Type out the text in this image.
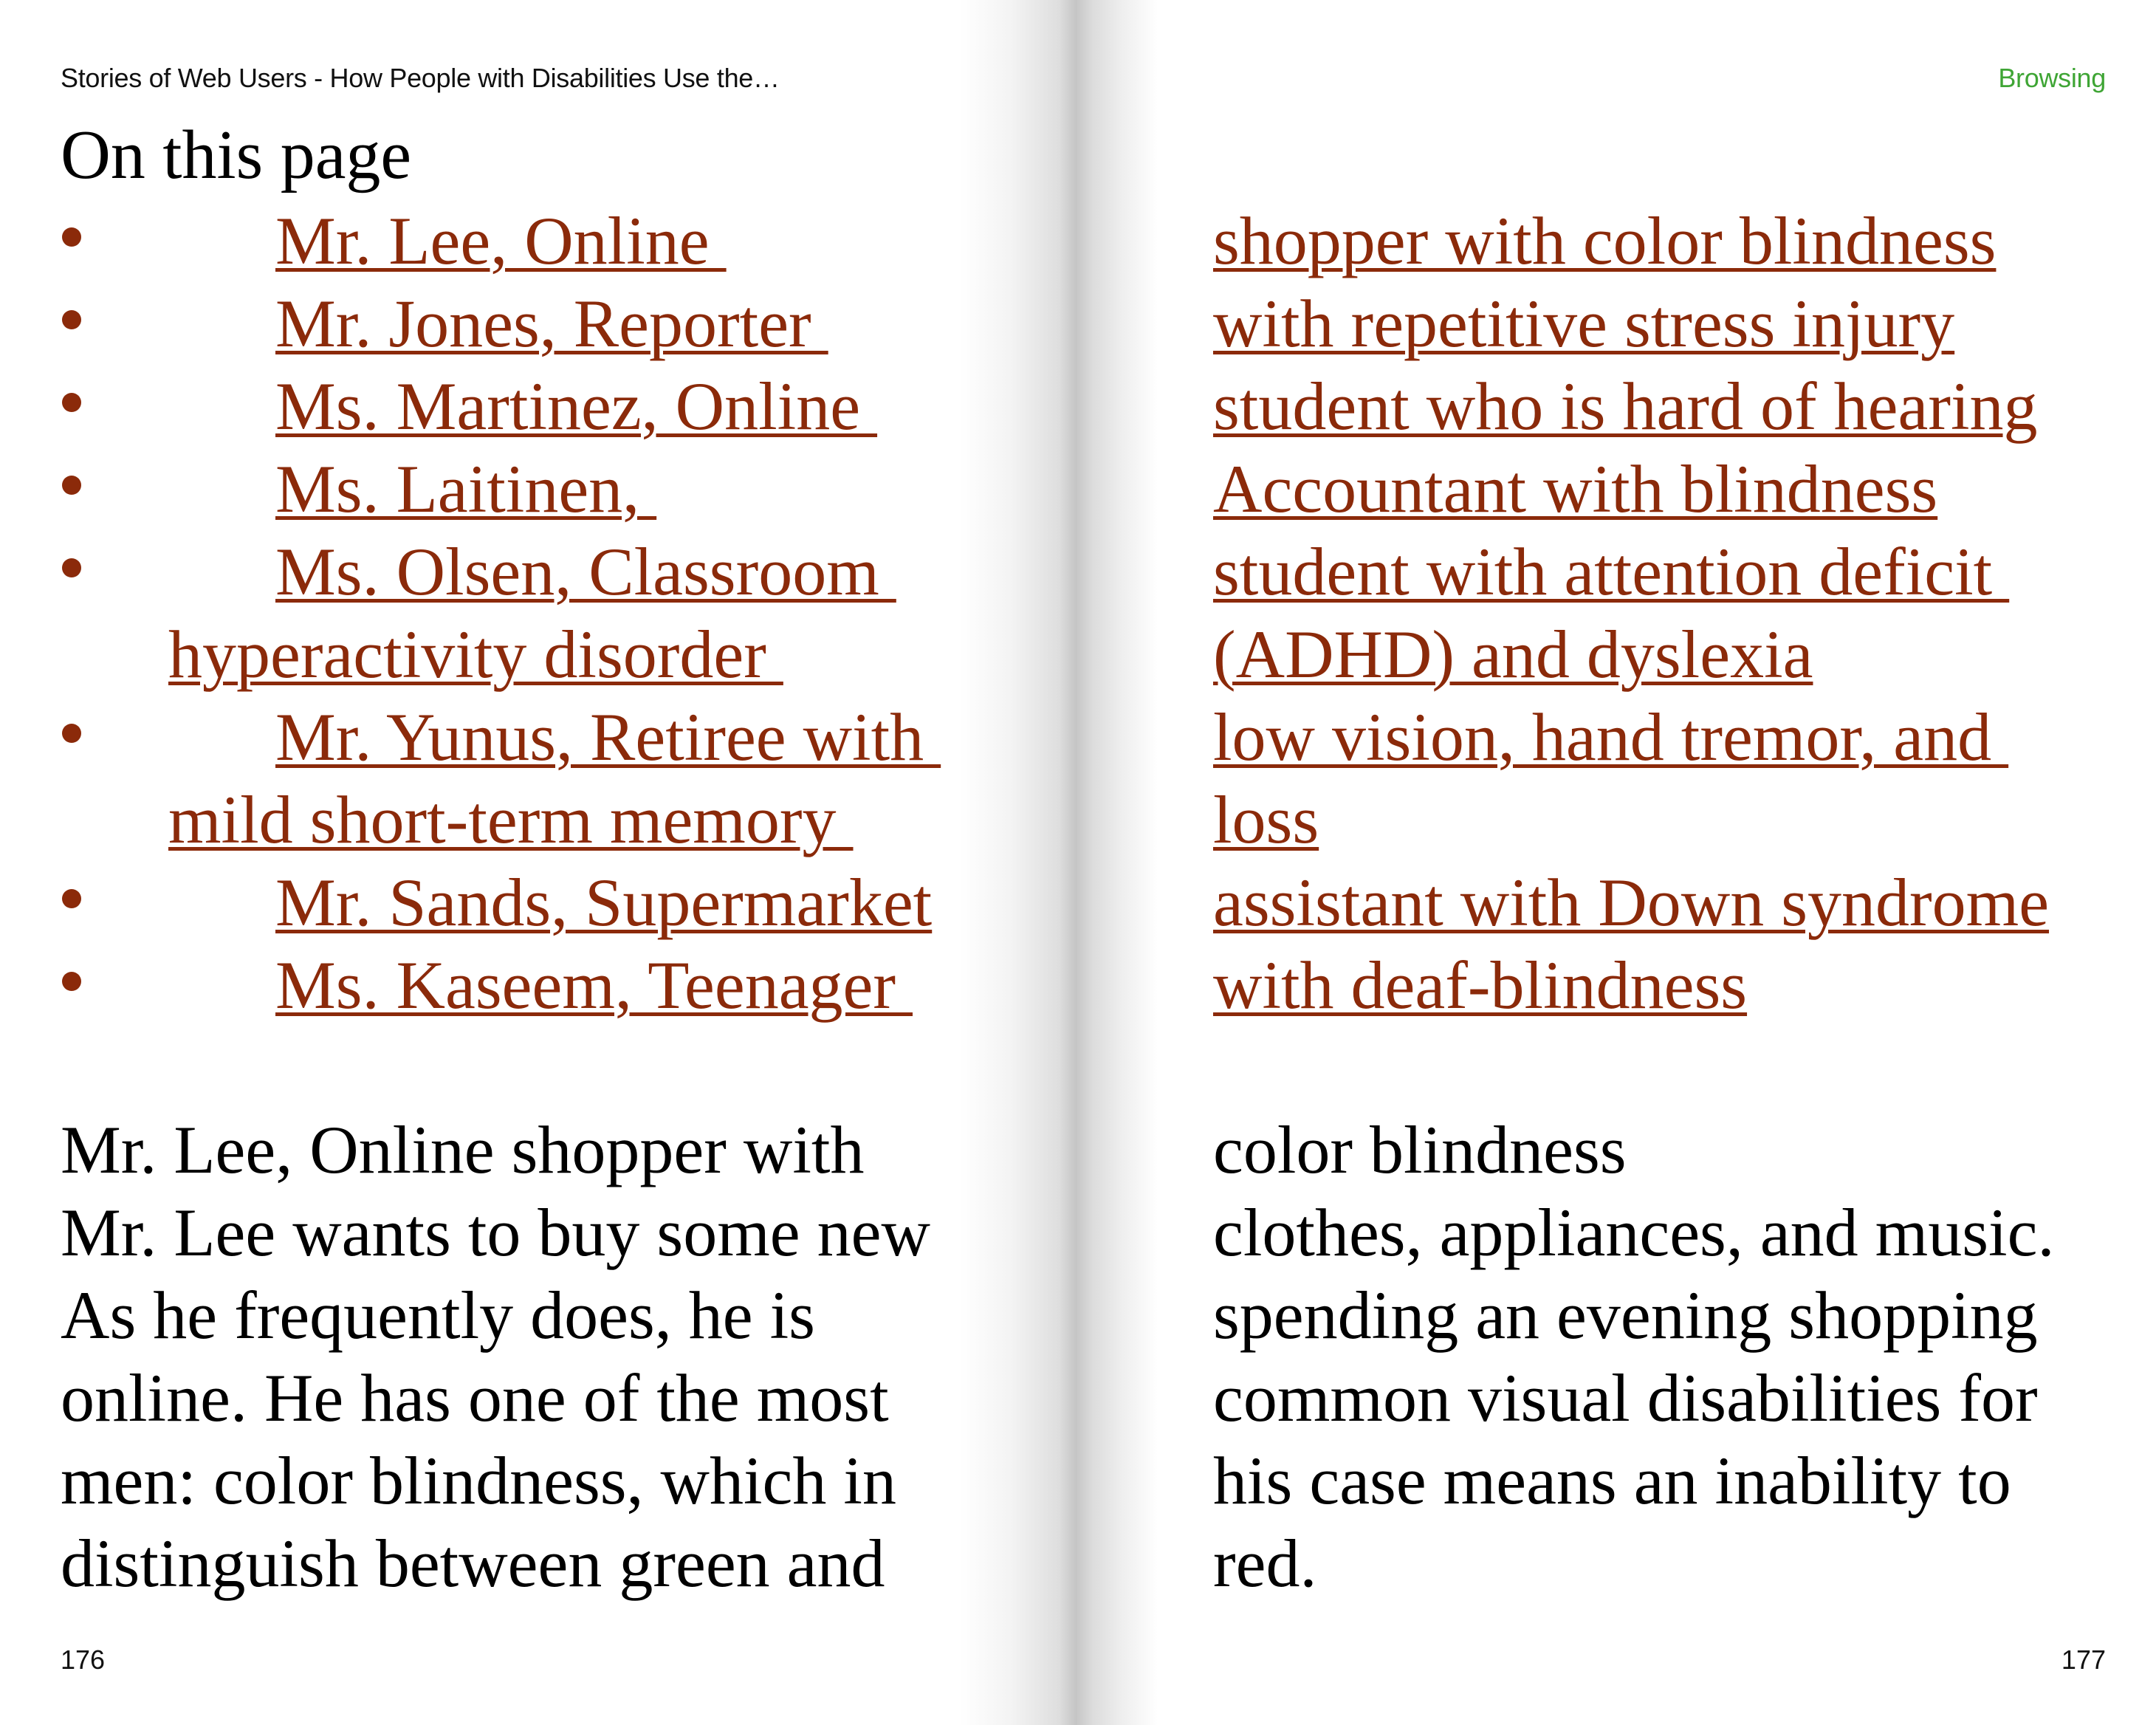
Stories of Web Users - How People with Disabilities Use the…	Browsing
On this page
Mr. Lee, Online
Mr. Jones, Reporter
Ms. Martinez, Online
Ms. Laitinen,
Ms. Olsen, Classroom
hyperactivity disorder
Mr. Yunus, Retiree with
mild short-term memory
Mr. Sands, Supermarket
Ms. Kaseem, Teenager
shopper with color blindness
with repetitive stress injury
student who is hard of hearing
Accountant with blindness
student with attention deficit
(ADHD) and dyslexia
low vision, hand tremor, and
loss
assistant with Down syndrome
with deaf-blindness
Mr. Lee, Online shopper with
Mr. Lee wants to buy some new
As he frequently does, he is
online. He has one of the most
men: color blindness, which in
distinguish between green and
color blindness
clothes, appliances, and music.
spending an evening shopping
common visual disabilities for
his case means an inability to
red.
176	177
